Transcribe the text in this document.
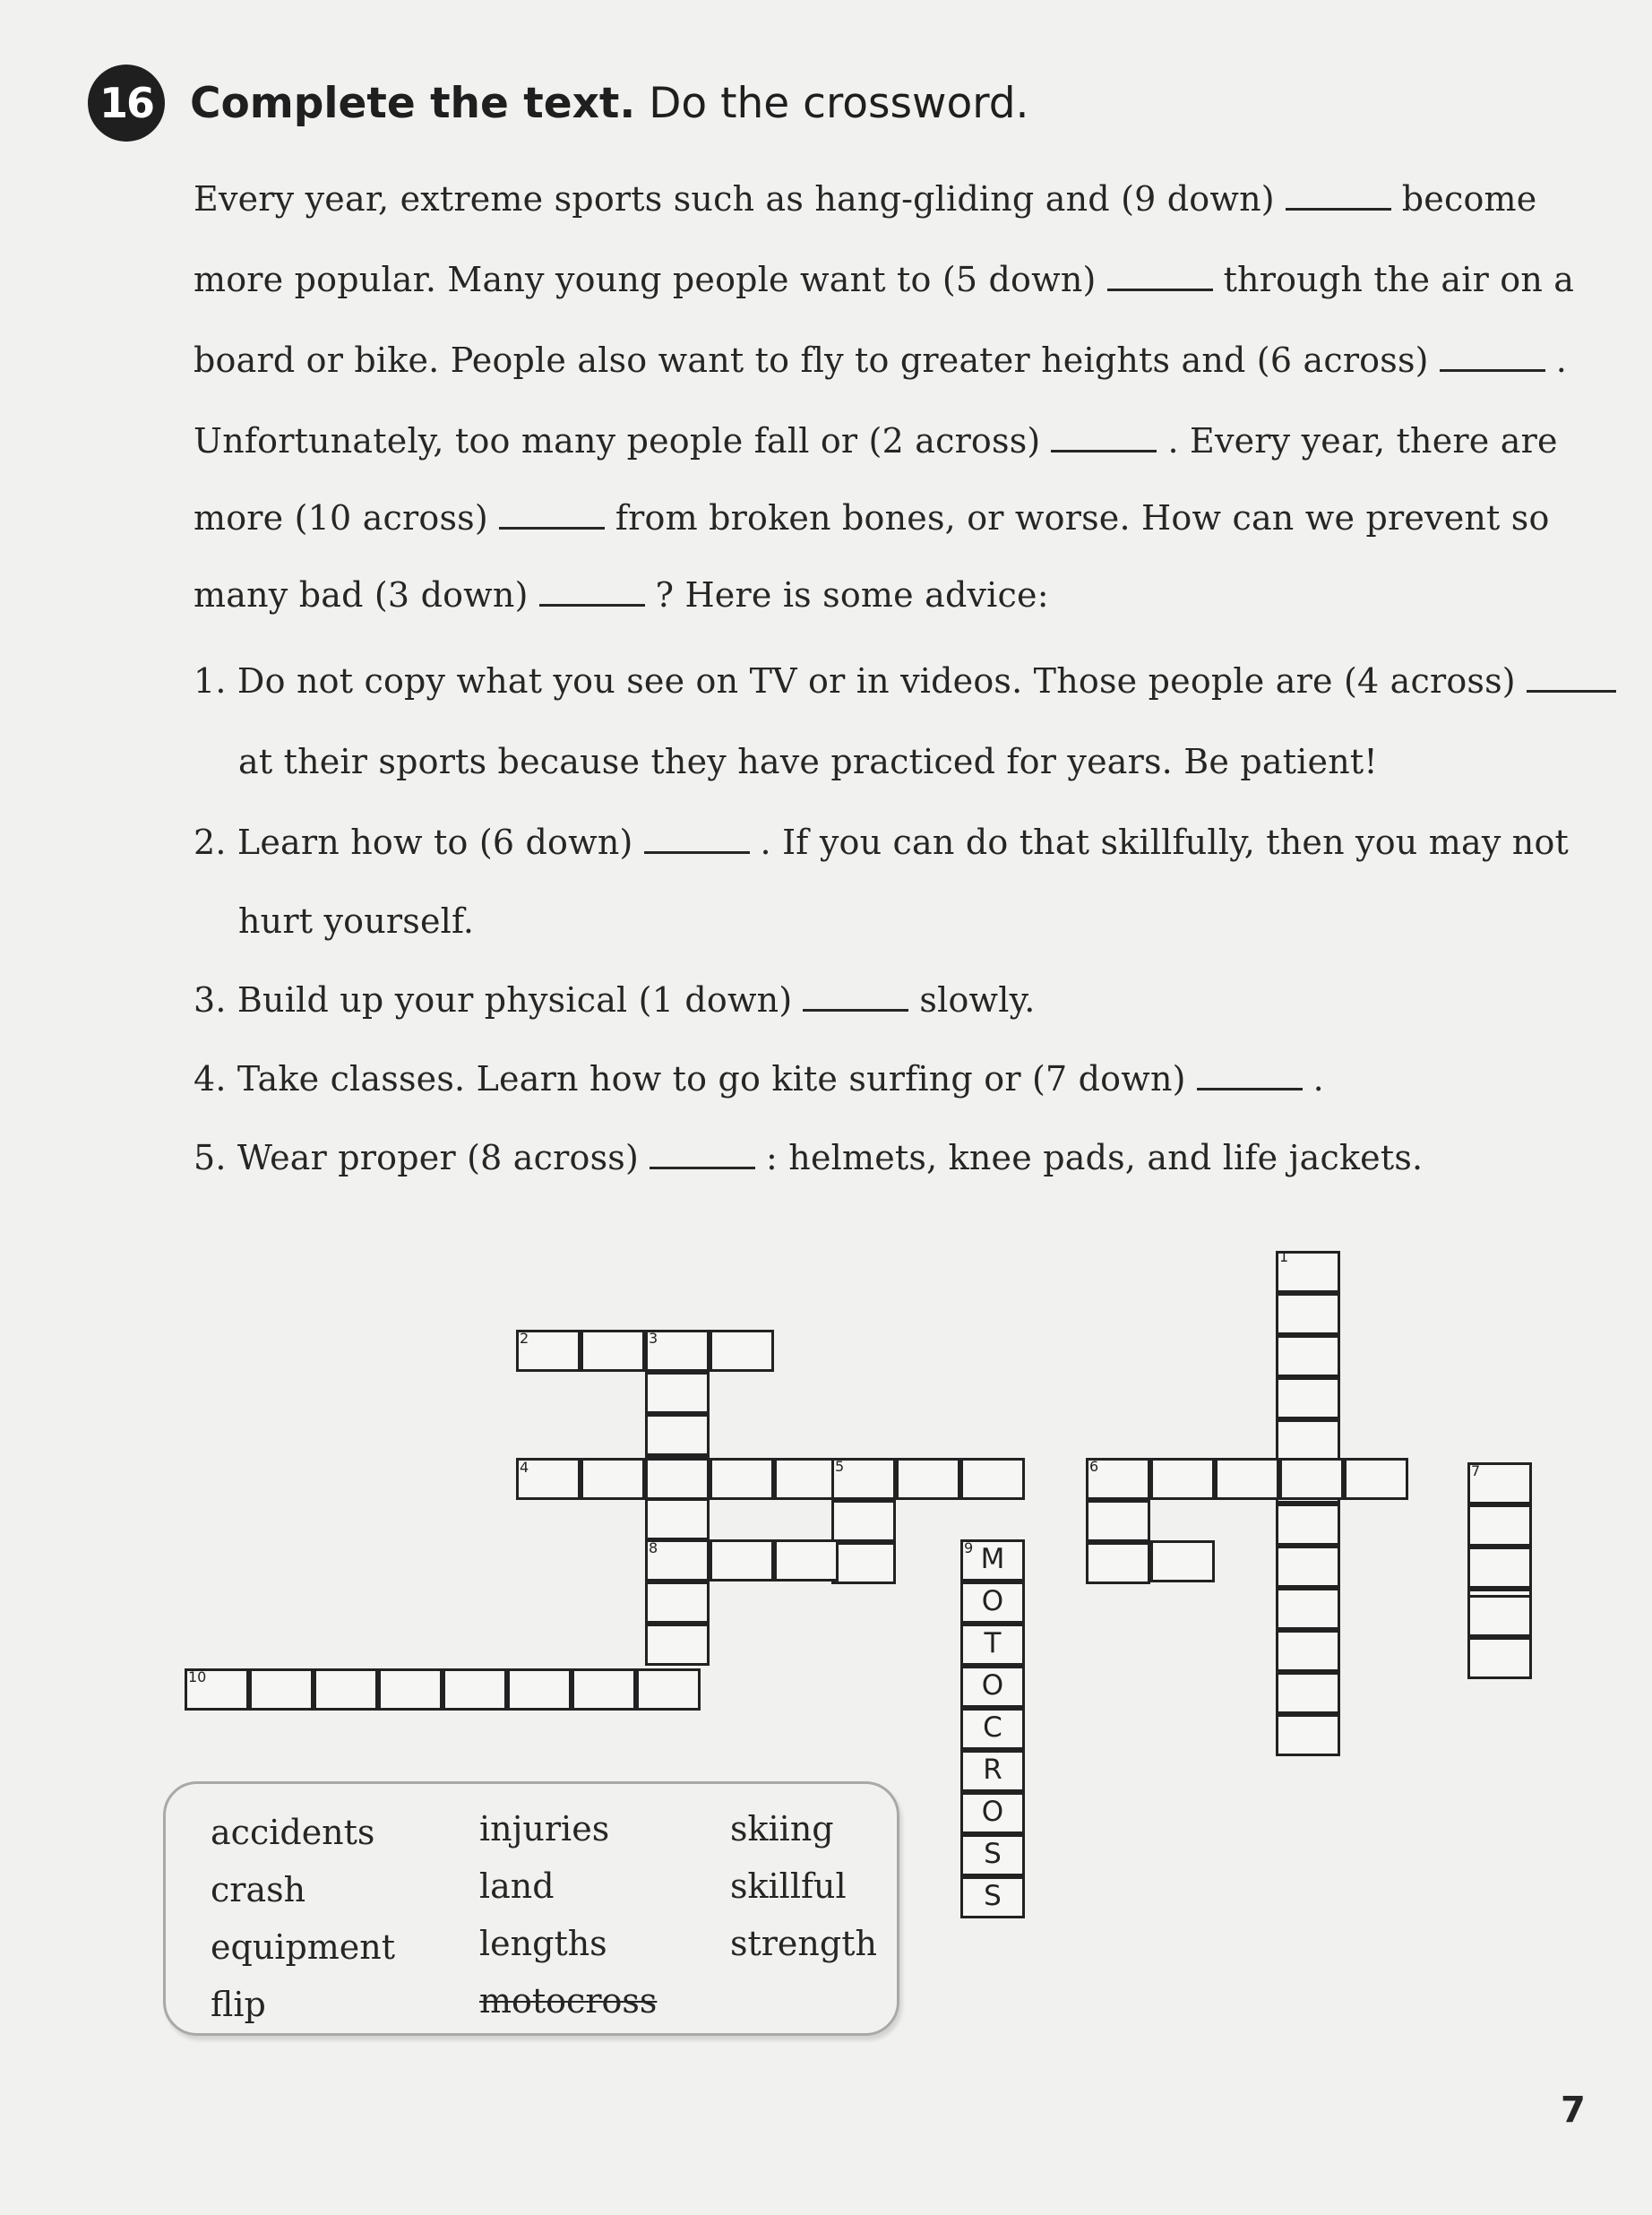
16 Complete the text. Do the crossword.
Every year, extreme sports such as hang-gliding and (9 down)	become
more popular. Many young people want to (5 down)	through the air on a
board or bike. People also want to fly to greater heights and (6 across)	.
Unfortunately, too many people fall or (2 across)	. Every year, there are
more (10 across)	from broken bones, or worse. How can we prevent so
many bad (3 down)	? Here is some advice:
1. Do not copy what you see on TV or in videos. Those people are (4 across)
at their sports because they have practiced for years. Be patient!
2. Learn how to (6 down)	. If you can do that skillfully, then you may not
hurt yourself.
3. Build up your physical (1 down)	slowly.
4. Take classes. Learn how to go kite surfing or (7 down)	.
5. Wear proper (8 across)	: helmets, knee pads, and life jackets.
1
2	3
4	5	6	7
8	9
10
M
O
T
O
C
R
O
S
S
accidents
crash
equipment
flip
injuries
land
lengths
motocross
skiing
skillful
strength
7
